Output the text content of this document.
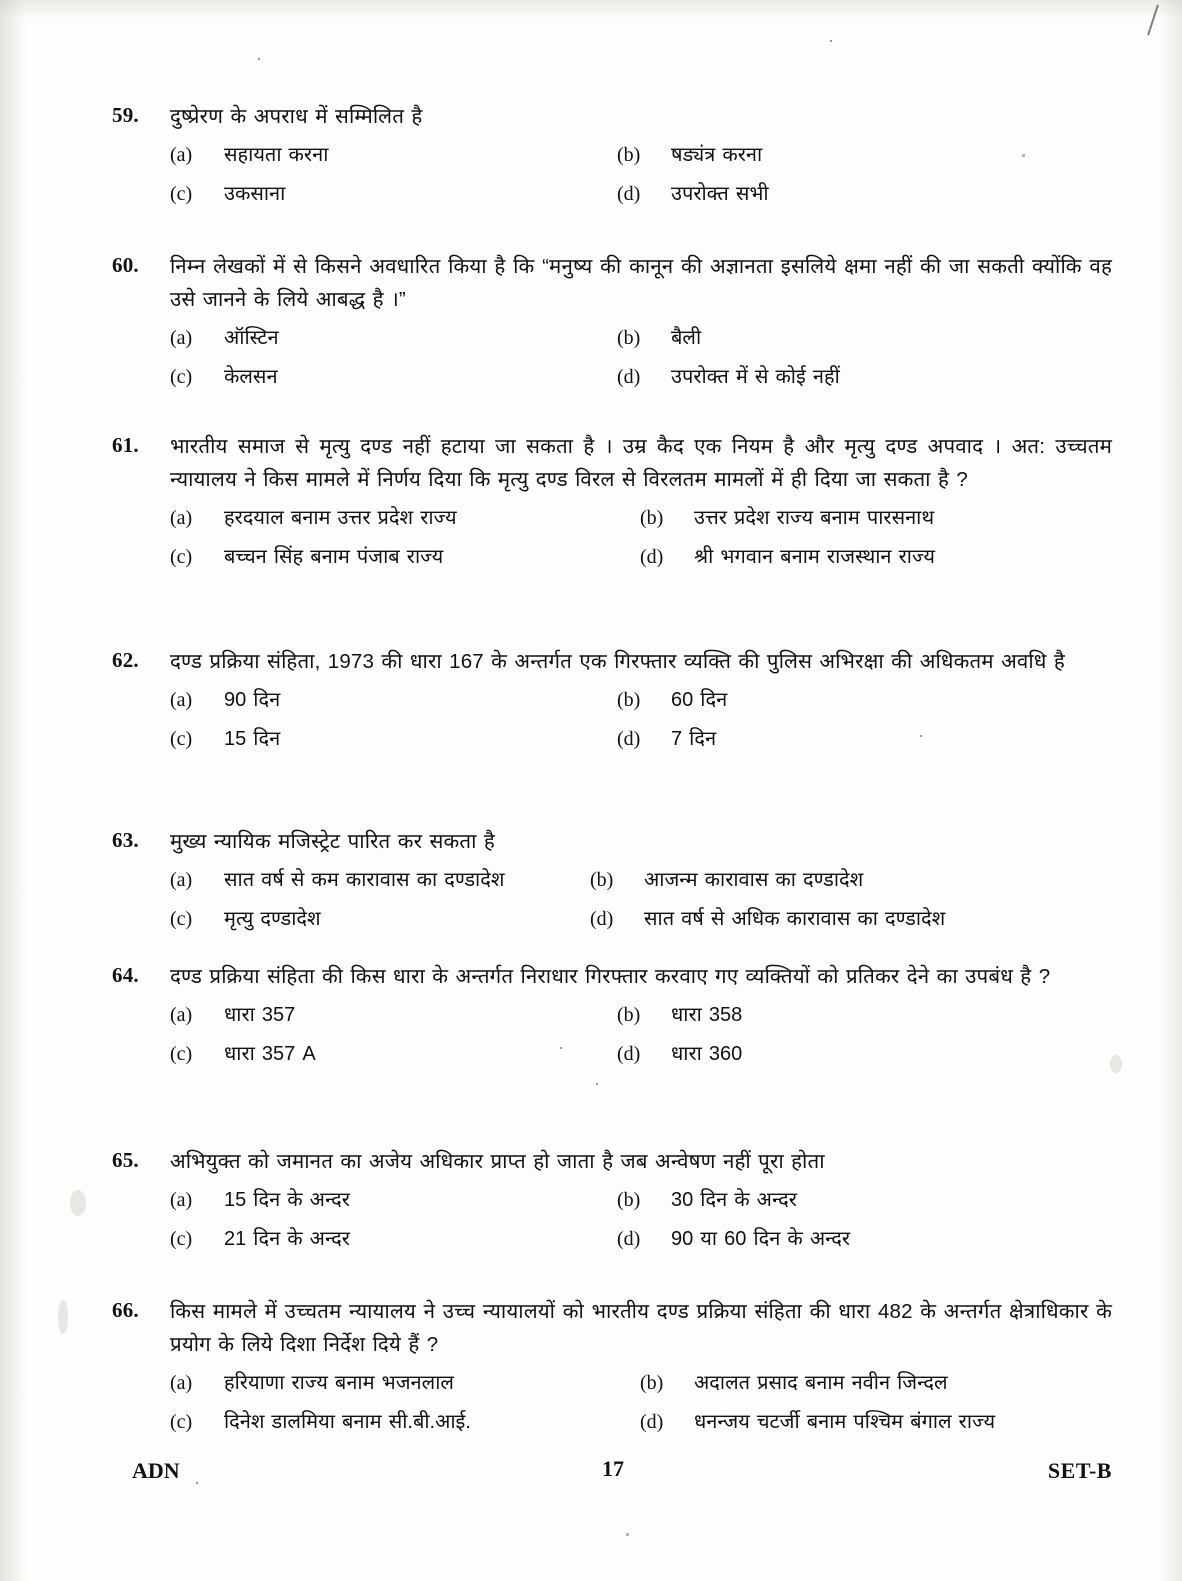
59.	दुष्प्रेरण के अपराध में सम्मिलित है
(a)	सहायता करना	(b)	षड्यंत्र करना
(c)	उकसाना	(d)	उपरोक्त सभी
60.	निम्न लेखकों में से किसने अवधारित किया है कि “मनुष्य की कानून की अज्ञानता इसलिये क्षमा नहीं की जा सकती क्योंकि वह उसे जानने के लिये आबद्ध है ।”
(a)	ऑस्टिन	(b)	बैली
(c)	केलसन	(d)	उपरोक्त में से कोई नहीं
61.	भारतीय समाज से मृत्यु दण्ड नहीं हटाया जा सकता है । उम्र कैद एक नियम है और मृत्यु दण्ड अपवाद । अत: उच्चतम न्यायालय ने किस मामले में निर्णय दिया कि मृत्यु दण्ड विरल से विरलतम मामलों में ही दिया जा सकता है ?
(a)	हरदयाल बनाम उत्तर प्रदेश राज्य	(b)	उत्तर प्रदेश राज्य बनाम पारसनाथ
(c)	बच्चन सिंह बनाम पंजाब राज्य	(d)	श्री भगवान बनाम राजस्थान राज्य
62.	दण्ड प्रक्रिया संहिता, 1973 की धारा 167 के अन्तर्गत एक गिरफ्तार व्यक्ति की पुलिस अभिरक्षा की अधिकतम अवधि है
(a)	90 दिन	(b)	60 दिन
(c)	15 दिन	(d)	7 दिन
63.	मुख्य न्यायिक मजिस्ट्रेट पारित कर सकता है
(a)	सात वर्ष से कम कारावास का दण्डादेश	(b)	आजन्म कारावास का दण्डादेश
(c)	मृत्यु दण्डादेश	(d)	सात वर्ष से अधिक कारावास का दण्डादेश
64.	दण्ड प्रक्रिया संहिता की किस धारा के अन्तर्गत निराधार गिरफ्तार करवाए गए व्यक्तियों को प्रतिकर देने का उपबंध है ?
(a)	धारा 357	(b)	धारा 358
(c)	धारा 357 A	(d)	धारा 360
65.	अभियुक्त को जमानत का अजेय अधिकार प्राप्त हो जाता है जब अन्वेषण नहीं पूरा होता
(a)	15 दिन के अन्दर	(b)	30 दिन के अन्दर
(c)	21 दिन के अन्दर	(d)	90 या 60 दिन के अन्दर
66.	किस मामले में उच्चतम न्यायालय ने उच्च न्यायालयों को भारतीय दण्ड प्रक्रिया संहिता की धारा 482 के अन्तर्गत क्षेत्राधिकार के प्रयोग के लिये दिशा निर्देश दिये हैं ?
(a)	हरियाणा राज्य बनाम भजनलाल	(b)	अदालत प्रसाद बनाम नवीन जिन्दल
(c)	दिनेश डालमिया बनाम सी.बी.आई.	(d)	धनन्जय चटर्जी बनाम पश्चिम बंगाल राज्य
ADN	17	SET-B
